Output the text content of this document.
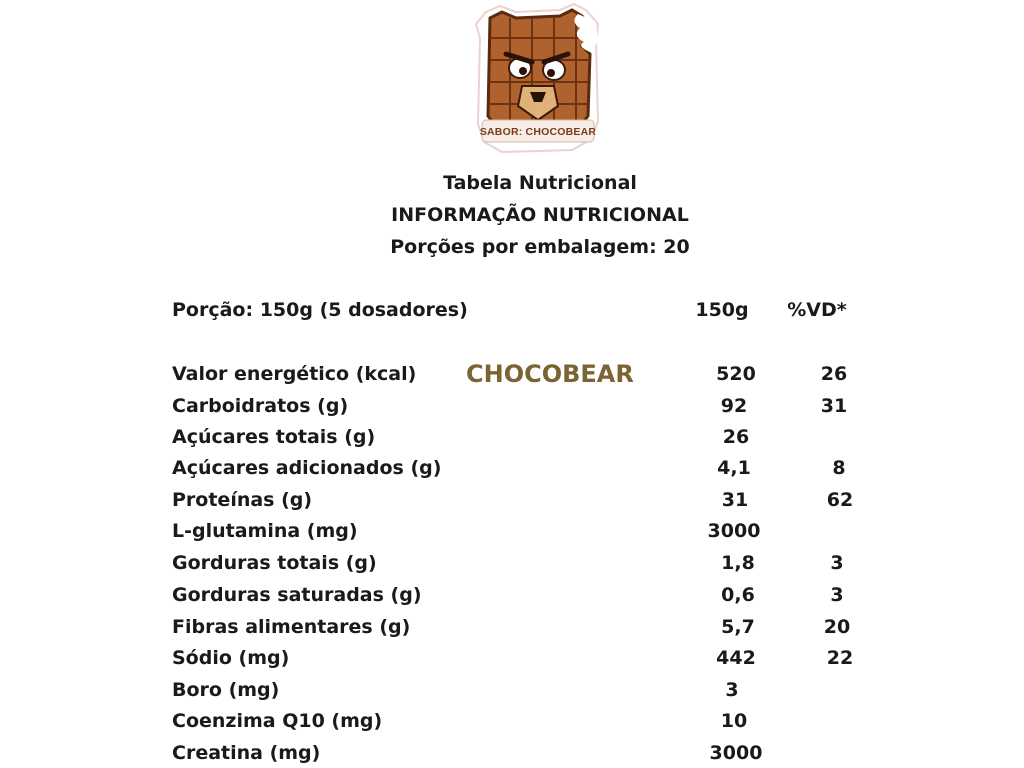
SABOR: CHOCOBEAR
Tabela Nutricional
INFORMAÇÃO NUTRICIONAL
Porções por embalagem: 20
Porção: 150g (5 dosadores)	150g	%VD*
CHOCOBEAR
Valor energético (kcal)	520	26
Carboidratos (g)	92	31
Açúcares totais (g)	26
Açúcares adicionados (g)	4,1	8
Proteínas (g)	31	62
L-glutamina (mg)	3000
Gorduras totais (g)	1,8	3
Gorduras saturadas (g)	0,6	3
Fibras alimentares (g)	5,7	20
Sódio (mg)	442	22
Boro (mg)	3
Coenzima Q10 (mg)	10
Creatina (mg)	3000
